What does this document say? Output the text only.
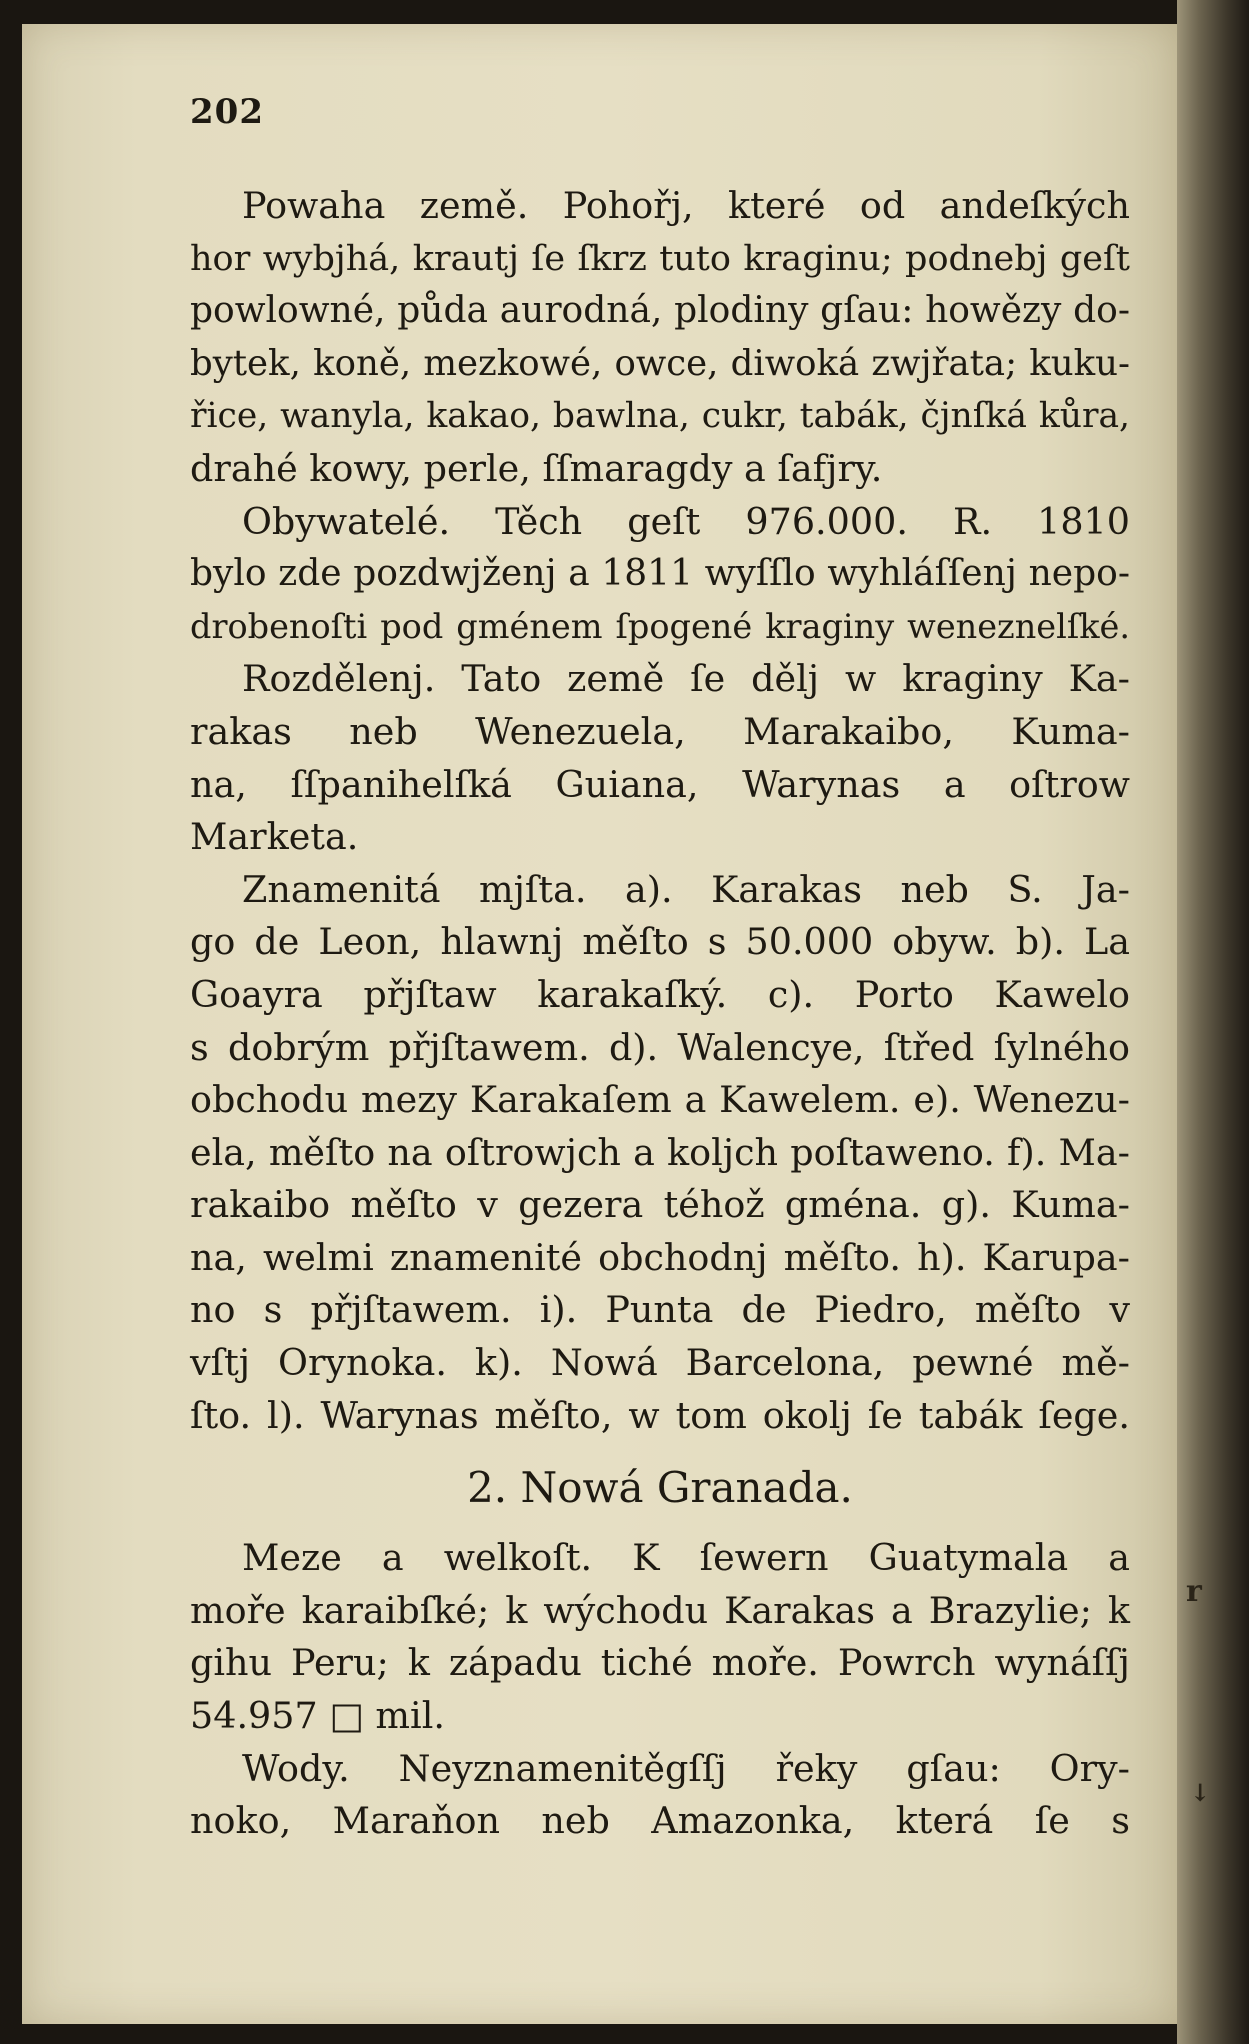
r
↓
202
Powaha země. Pohořj, které od andeſkých
hor wybjhá, krautj ſe ſkrz tuto kraginu; podnebj geſt
powlowné, půda aurodná, plodiny gſau: howězy do-
bytek, koně, mezkowé, owce, diwoká zwjřata; kuku-
řice, wanyla, kakao, bawlna, cukr, tabák, čjnſká kůra,
drahé kowy, perle, ſſmaragdy a ſafjry.
Obywatelé. Těch geſt 976.000. R. 1810
bylo zde pozdwjženj a 1811 wyſſlo wyhláſſenj nepo-
drobenoſti pod gménem ſpogené kraginy weneznelſké.
Rozdělenj. Tato země ſe dělj w kraginy Ka-
rakas neb Wenezuela, Marakaibo, Kuma-
na, ſſpanihelſká Guiana, Warynas a oſtrow
Marketa.
Znamenitá mjſta. a). Karakas neb S. Ja-
go de Leon, hlawnj měſto s 50.000 obyw. b). La
Goayra přjſtaw karakaſký. c). Porto Kawelo
s dobrým přjſtawem. d). Walencye, ſtřed ſylného
obchodu mezy Karakaſem a Kawelem. e). Wenezu-
ela, měſto na oſtrowjch a koljch poſtaweno. f). Ma-
rakaibo měſto v gezera téhož gména. g). Kuma-
na, welmi znamenité obchodnj měſto. h). Karupa-
no s přjſtawem. i). Punta de Piedro, měſto v
vſtj Orynoka. k). Nowá Barcelona, pewné mě-
ſto. l). Warynas měſto, w tom okolj ſe tabák ſege.
2. Nowá Granada.
Meze a welkoſt. K ſewern Guatymala a
moře karaibſké; k wýchodu Karakas a Brazylie; k
gihu Peru; k západu tiché moře. Powrch wynáſſj
54.957 □ mil.
Wody. Neyznamenitěgſſj řeky gſau: Ory-
noko, Maraňon neb Amazonka, která ſe s
